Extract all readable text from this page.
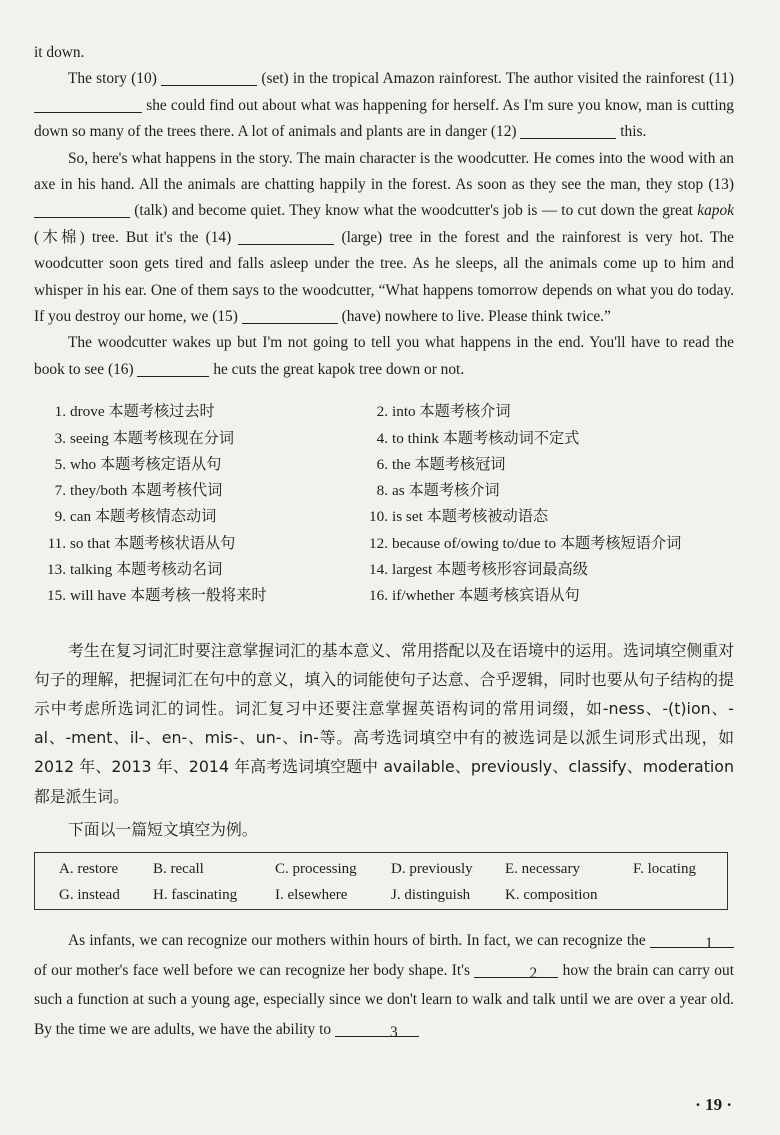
it down.

The story (10)	(set) in the tropical Amazon rainforest. The author visited the rainforest (11)  she could find out about what was happening for herself. As I'm sure you know, man is cutting down so many of the trees there. A lot of animals and plants are in danger (12)	this.

So, here's what happens in the story. The main character is the woodcutter. He comes into the wood with an axe in his hand. All the animals are chatting happily in the forest. As soon as they see the man, they stop (13)  (talk) and become quiet. They know what the woodcutter's job is — to cut down the great kapok (木棉) tree. But it's the (14)	(large) tree in the forest and the rainforest is very hot. The woodcutter soon gets tired and falls asleep under the tree. As he sleeps, all the animals come up to him and whisper in his ear. One of them says to the woodcutter, “What happens tomorrow depends on what you do today. If you destroy our home, we (15)	(have) nowhere to live. Please think twice.”

The woodcutter wakes up but I'm not going to tell you what happens in the end. You'll have to read the book to see (16)	he cuts the great kapok tree down or not.

1. drove 本题考核过去时	2. into 本题考核介词
3. seeing 本题考核现在分词	4. to think 本题考核动词不定式
5. who 本题考核定语从句	6. the 本题考核冠词
7. they/both 本题考核代词	8. as 本题考核介词
9. can 本题考核情态动词	10. is set 本题考核被动语态
11. so that 本题考核状语从句	12. because of/owing to/due to 本题考核短语介词
13. talking 本题考核动名词	14. largest 本题考核形容词最高级
15. will have 本题考核一般将来时	16. if/whether 本题考核宾语从句

考生在复习词汇时要注意掌握词汇的基本意义、常用搭配以及在语境中的运用。选词填空侧重对句子的理解，把握词汇在句中的意义，填入的词能使句子达意、合乎逻辑，同时也要从句子结构的提示中考虑所选词汇的词性。词汇复习中还要注意掌握英语构词的常用词缀，如-ness、-(t)ion、-al、-ment、il-、en-、mis-、un-、in-等。高考选词填空中有的被选词是以派生词形式出现，如 2012 年、2013 年、2014 年高考选词填空题中 available、previously、classify、moderation 都是派生词。

下面以一篇短文填空为例。

A. restore B. recall	C. processing D. previously E. necessary	F. locating
G. instead H. fascinating	I. elsewhere	J. distinguish K. composition

As infants, we can recognize our mothers within hours of birth. In fact, we can recognize the	1 of our mother's face well before we can recognize her body shape. It's	2 how the brain can carry out such a function at such a young age, especially since we don't learn to walk and talk until we are over a year old. By the time we are adults, we have the ability to	3

· 19 ·
